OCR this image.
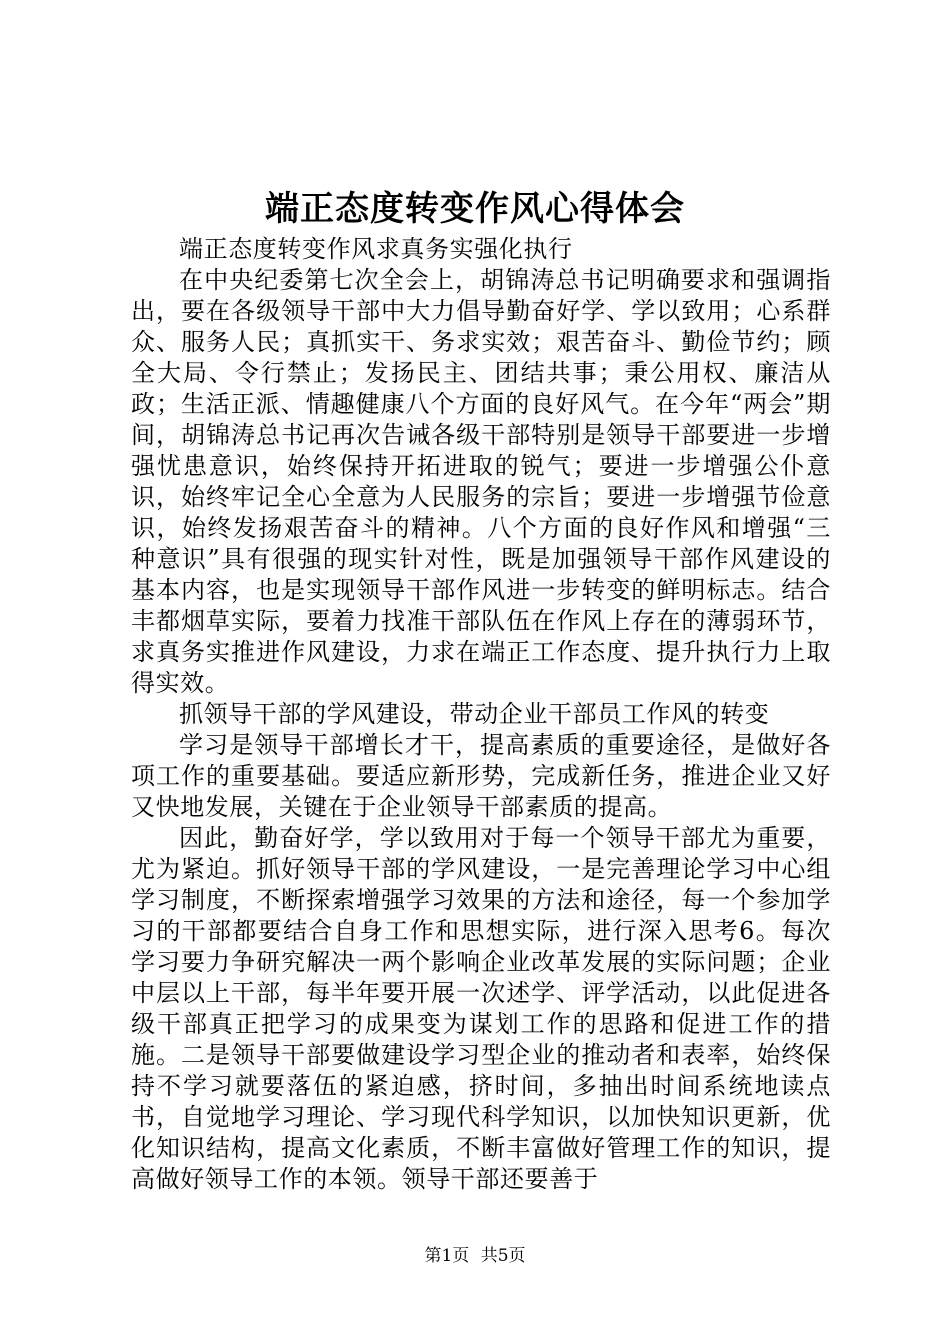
端正态度转变作风心得体会

端正态度转变作风求真务实强化执行

在中央纪委第七次全会上，胡锦涛总书记明确要求和强调指出，要在各级领导干部中大力倡导勤奋好学、学以致用；心系群众、服务人民；真抓实干、务求实效；艰苦奋斗、勤俭节约；顾全大局、令行禁止；发扬民主、团结共事；秉公用权、廉洁从政；生活正派、情趣健康八个方面的良好风气。在今年“两会”期间，胡锦涛总书记再次告诫各级干部特别是领导干部要进一步增强忧患意识，始终保持开拓进取的锐气；要进一步增强公仆意识，始终牢记全心全意为人民服务的宗旨；要进一步增强节俭意识，始终发扬艰苦奋斗的精神。八个方面的良好作风和增强“三种意识”具有很强的现实针对性，既是加强领导干部作风建设的基本内容，也是实现领导干部作风进一步转变的鲜明标志。结合丰都烟草实际，要着力找准干部队伍在作风上存在的薄弱环节，求真务实推进作风建设，力求在端正工作态度、提升执行力上取得实效。

抓领导干部的学风建设，带动企业干部员工作风的转变

学习是领导干部增长才干，提高素质的重要途径，是做好各项工作的重要基础。要适应新形势，完成新任务，推进企业又好又快地发展，关键在于企业领导干部素质的提高。

因此，勤奋好学，学以致用对于每一个领导干部尤为重要，尤为紧迫。抓好领导干部的学风建设，一是完善理论学习中心组学习制度，不断探索增强学习效果的方法和途径，每一个参加学习的干部都要结合自身工作和思想实际，进行深入思考6。每次学习要力争研究解决一两个影响企业改革发展的实际问题；企业中层以上干部，每半年要开展一次述学、评学活动，以此促进各级干部真正把学习的成果变为谋划工作的思路和促进工作的措施。二是领导干部要做建设学习型企业的推动者和表率，始终保持不学习就要落伍的紧迫感，挤时间，多抽出时间系统地读点书，自觉地学习理论、学习现代科学知识，以加快知识更新，优化知识结构，提高文化素质，不断丰富做好管理工作的知识，提高做好领导工作的本领。领导干部还要善于

第1页 共5页
